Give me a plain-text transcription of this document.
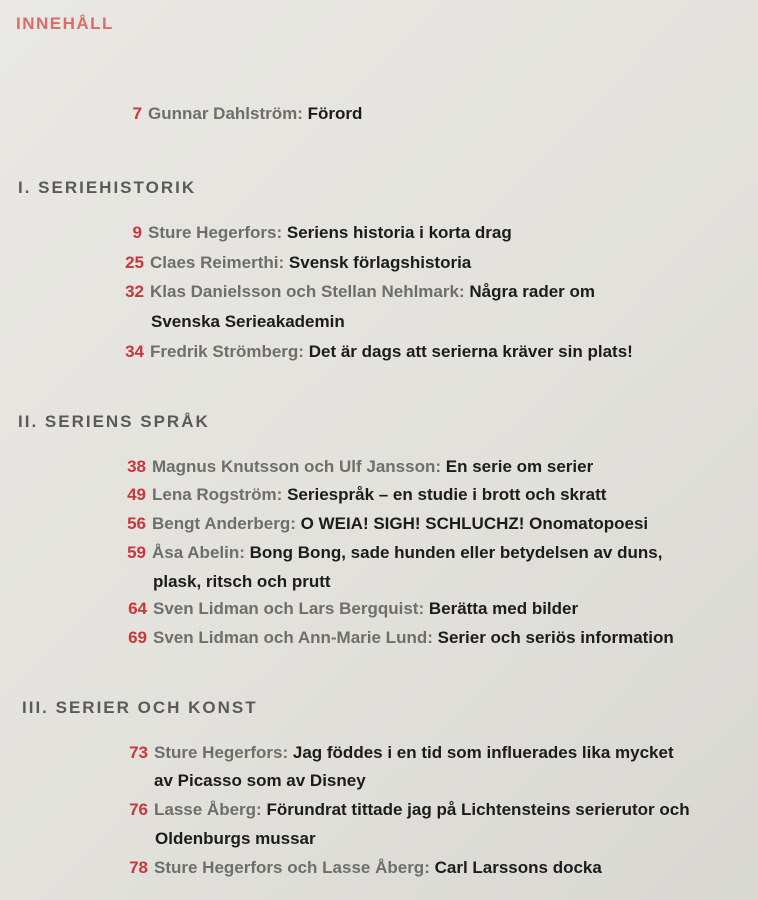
INNEHÅLL
7 Gunnar Dahlström: Förord
I. SERIEHISTORIK
9 Sture Hegerfors: Seriens historia i korta drag
25 Claes Reimerthi: Svensk förlagshistoria
32 Klas Danielsson och Stellan Nehlmark: Några rader om
Svenska Serieakademin
34 Fredrik Strömberg: Det är dags att serierna kräver sin plats!
II. SERIENS SPRÅK
38 Magnus Knutsson och Ulf Jansson: En serie om serier
49 Lena Rogström: Seriespråk – en studie i brott och skratt
56 Bengt Anderberg: O WEIA! SIGH! SCHLUCHZ! Onomatopoesi
59 Åsa Abelin: Bong Bong, sade hunden eller betydelsen av duns,
plask, ritsch och prutt
64 Sven Lidman och Lars Bergquist: Berätta med bilder
69 Sven Lidman och Ann-Marie Lund: Serier och seriös information
III. SERIER OCH KONST
73 Sture Hegerfors: Jag föddes i en tid som influerades lika mycket
av Picasso som av Disney
76 Lasse Åberg: Förundrat tittade jag på Lichtensteins serierutor och
Oldenburgs mussar
78 Sture Hegerfors och Lasse Åberg: Carl Larssons docka
